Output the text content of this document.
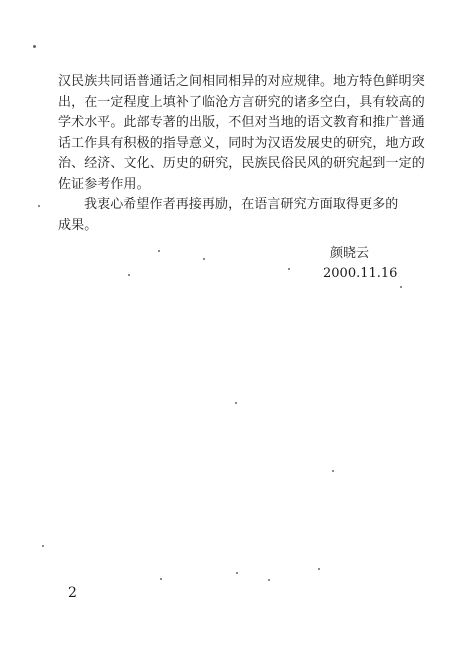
汉民族共同语普通话之间相同相异的对应规律。地方特色鲜明突
出，在一定程度上填补了临沧方言研究的诸多空白，具有较高的
学术水平。此部专著的出版，不但对当地的语文教育和推广普通
话工作具有积极的指导意义，同时为汉语发展史的研究，地方政
治、经济、文化、历史的研究，民族民俗民风的研究起到一定的
佐证参考作用。
我衷心希望作者再接再励，在语言研究方面取得更多的
成果。
颜晓云
2000.11.16
2
